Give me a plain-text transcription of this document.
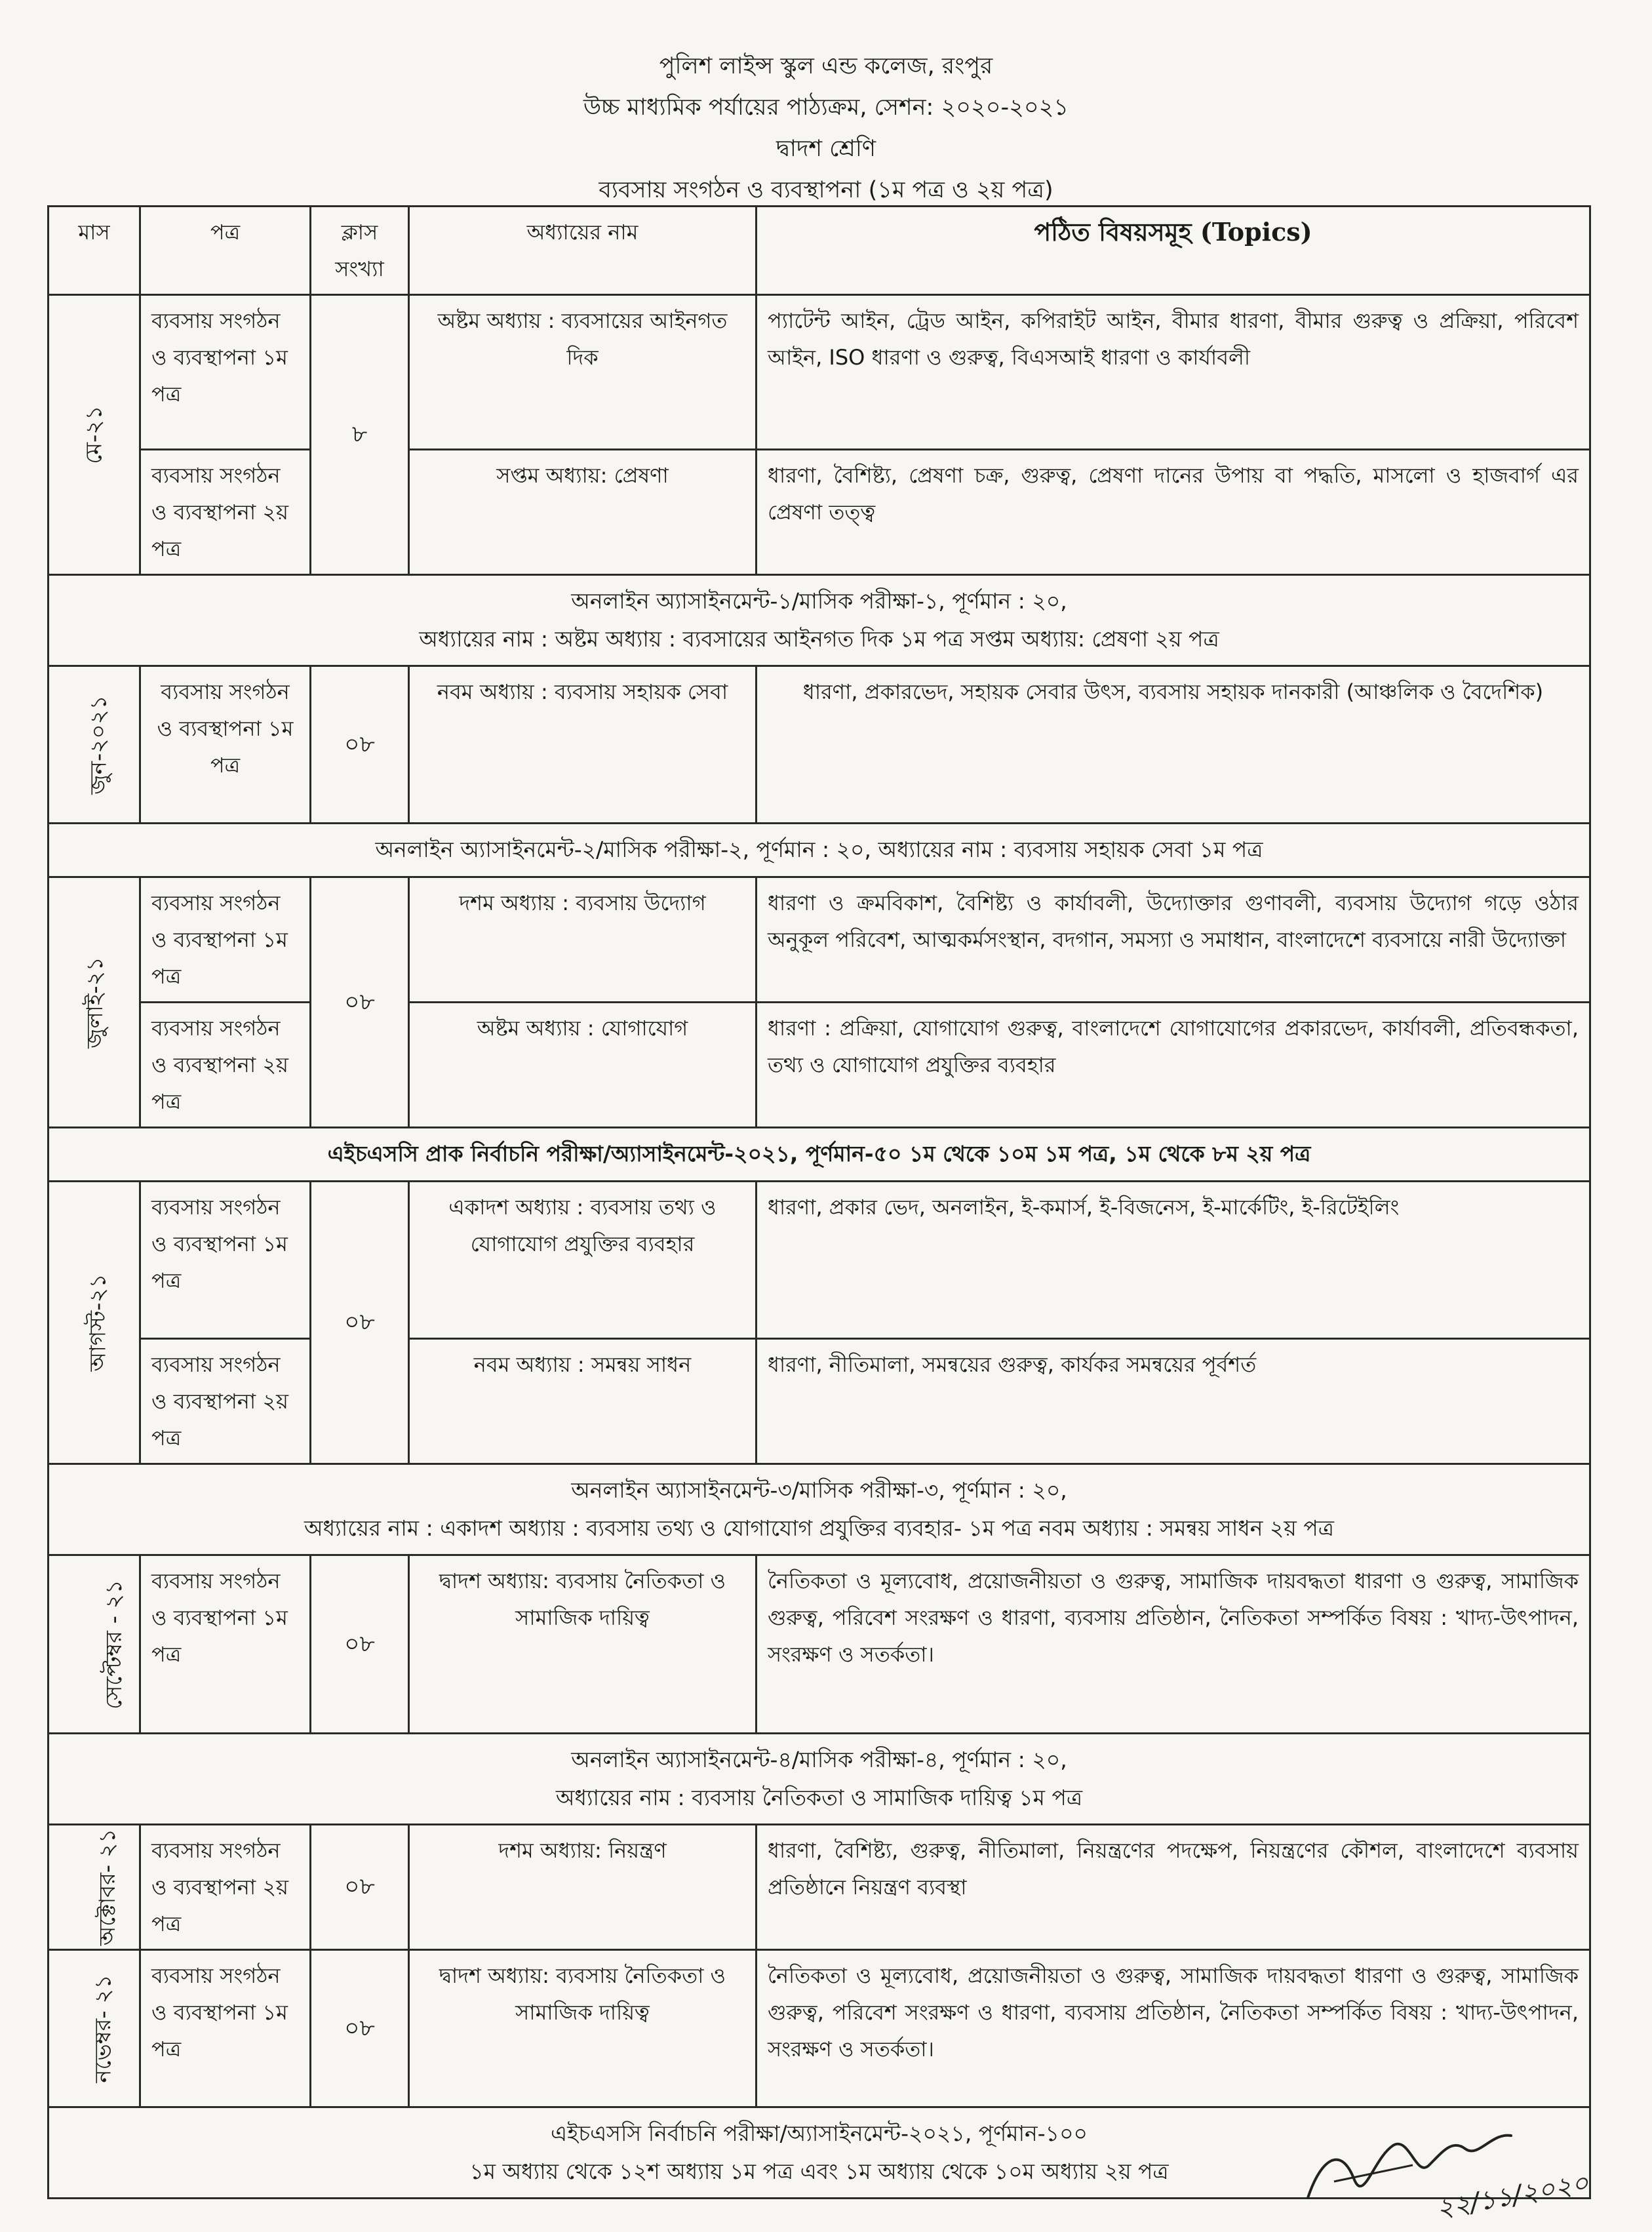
পুলিশ লাইন্স স্কুল এন্ড কলেজ, রংপুর
উচ্চ মাধ্যমিক পর্যায়ের পাঠ্যক্রম, সেশন: ২০২০-২০২১
দ্বাদশ শ্রেণি
ব্যবসায় সংগঠন ও ব্যবস্থাপনা (১ম পত্র ও ২য় পত্র)
মাস	পত্র	ক্লাস সংখ্যা	অধ্যায়ের নাম	পঠিত বিষয়সমূহ (Topics)
মে-২১	ব্যবসায় সংগঠন ও ব্যবস্থাপনা ১ম পত্র	৮	অষ্টম অধ্যায় : ব্যবসায়ের আইনগত দিক	প্যাটেন্ট আইন, ট্রেড আইন, কপিরাইট আইন, বীমার ধারণা, বীমার গুরুত্ব ও প্রক্রিয়া, পরিবেশ আইন, ISO ধারণা ও গুরুত্ব, বিএসআই ধারণা ও কার্যাবলী
	ব্যবসায় সংগঠন ও ব্যবস্থাপনা ২য় পত্র		সপ্তম অধ্যায়: প্রেষণা	ধারণা, বৈশিষ্ট্য, প্রেষণা চক্র, গুরুত্ব, প্রেষণা দানের উপায় বা পদ্ধতি, মাসলো ও হাজবার্গ এর প্রেষণা তত্ত্ব

অনলাইন অ্যাসাইনমেন্ট-১/মাসিক পরীক্ষা-১, পূর্ণমান : ২০,
অধ্যায়ের নাম : অষ্টম অধ্যায় : ব্যবসায়ের আইনগত দিক ১ম পত্র সপ্তম অধ্যায়: প্রেষণা ২য় পত্র				

জুন-২০২১	ব্যবসায় সংগঠন ও ব্যবস্থাপনা ১ম পত্র	০৮	নবম অধ্যায় : ব্যবসায় সহায়ক সেবা	ধারণা, প্রকারভেদ, সহায়ক সেবার উৎস, ব্যবসায় সহায়ক দানকারী (আঞ্চলিক ও বৈদেশিক)

অনলাইন অ্যাসাইনমেন্ট-২/মাসিক পরীক্ষা-২, পূর্ণমান : ২০, অধ্যায়ের নাম : ব্যবসায় সহায়ক সেবা ১ম পত্র				

জুলাই-২১	ব্যবসায় সংগঠন ও ব্যবস্থাপনা ১ম পত্র	০৮	দশম অধ্যায় : ব্যবসায় উদ্যোগ	ধারণা ও ক্রমবিকাশ, বৈশিষ্ট্য ও কার্যাবলী, উদ্যোক্তার গুণাবলী, ব্যবসায় উদ্যোগ গড়ে ওঠার অনুকূল পরিবেশ, আত্মকর্মসংস্থান, বদগান, সমস্যা ও সমাধান, বাংলাদেশে ব্যবসায়ে নারী উদ্যোক্তা
	ব্যবসায় সংগঠন ও ব্যবস্থাপনা ২য় পত্র		অষ্টম অধ্যায় : যোগাযোগ	ধারণা : প্রক্রিয়া, যোগাযোগ গুরুত্ব, বাংলাদেশে যোগাযোগের প্রকারভেদ, কার্যাবলী, প্রতিবন্ধকতা, তথ্য ও যোগাযোগ প্রযুক্তির ব্যবহার

এইচএসসি প্রাক নির্বাচনি পরীক্ষা/অ্যাসাইনমেন্ট-২০২১, পূর্ণমান-৫০ ১ম থেকে ১০ম ১ম পত্র, ১ম থেকে ৮ম ২য় পত্র				

আগস্ট-২১	ব্যবসায় সংগঠন ও ব্যবস্থাপনা ১ম পত্র	০৮	একাদশ অধ্যায় : ব্যবসায় তথ্য ও যোগাযোগ প্রযুক্তির ব্যবহার	ধারণা, প্রকার ভেদ, অনলাইন, ই-কমার্স, ই-বিজনেস, ই-মার্কেটিং, ই-রিটেইলিং
	ব্যবসায় সংগঠন ও ব্যবস্থাপনা ২য় পত্র		নবম অধ্যায় : সমন্বয় সাধন	ধারণা, নীতিমালা, সমন্বয়ের গুরুত্ব, কার্যকর সমন্বয়ের পূর্বশর্ত

অনলাইন অ্যাসাইনমেন্ট-৩/মাসিক পরীক্ষা-৩, পূর্ণমান : ২০,
অধ্যায়ের নাম : একাদশ অধ্যায় : ব্যবসায় তথ্য ও যোগাযোগ প্রযুক্তির ব্যবহার- ১ম পত্র নবম অধ্যায় : সমন্বয় সাধন ২য় পত্র				

সেপ্টেম্বর - ২১	ব্যবসায় সংগঠন ও ব্যবস্থাপনা ১ম পত্র	০৮	দ্বাদশ অধ্যায়: ব্যবসায় নৈতিকতা ও সামাজিক দায়িত্ব	নৈতিকতা ও মূল্যবোধ, প্রয়োজনীয়তা ও গুরুত্ব, সামাজিক দায়বদ্ধতা ধারণা ও গুরুত্ব, সামাজিক গুরুত্ব, পরিবেশ সংরক্ষণ ও ধারণা, ব্যবসায় প্রতিষ্ঠান, নৈতিকতা সম্পর্কিত বিষয় : খাদ্য-উৎপাদন, সংরক্ষণ ও সতর্কতা।

অনলাইন অ্যাসাইনমেন্ট-৪/মাসিক পরীক্ষা-৪, পূর্ণমান : ২০,
অধ্যায়ের নাম : ব্যবসায় নৈতিকতা ও সামাজিক দায়িত্ব ১ম পত্র				

অক্টোবর- ২১	ব্যবসায় সংগঠন ও ব্যবস্থাপনা ২য় পত্র	০৮	দশম অধ্যায়: নিয়ন্ত্রণ	ধারণা, বৈশিষ্ট্য, গুরুত্ব, নীতিমালা, নিয়ন্ত্রণের পদক্ষেপ, নিয়ন্ত্রণের কৌশল, বাংলাদেশে ব্যবসায় প্রতিষ্ঠানে নিয়ন্ত্রণ ব্যবস্থা
নভেম্বর- ২১	ব্যবসায় সংগঠন ও ব্যবস্থাপনা ১ম পত্র	০৮	দ্বাদশ অধ্যায়: ব্যবসায় নৈতিকতা ও সামাজিক দায়িত্ব	নৈতিকতা ও মূল্যবোধ, প্রয়োজনীয়তা ও গুরুত্ব, সামাজিক দায়বদ্ধতা ধারণা ও গুরুত্ব, সামাজিক গুরুত্ব, পরিবেশ সংরক্ষণ ও ধারণা, ব্যবসায় প্রতিষ্ঠান, নৈতিকতা সম্পর্কিত বিষয় : খাদ্য-উৎপাদন, সংরক্ষণ ও সতর্কতা।

এইচএসসি নির্বাচনি পরীক্ষা/অ্যাসাইনমেন্ট-২০২১, পূর্ণমান-১০০
১ম অধ্যায় থেকে ১২শ অধ্যায় ১ম পত্র এবং ১ম অধ্যায় থেকে ১০ম অধ্যায় ২য় পত্র					২২/১১/২০২০
